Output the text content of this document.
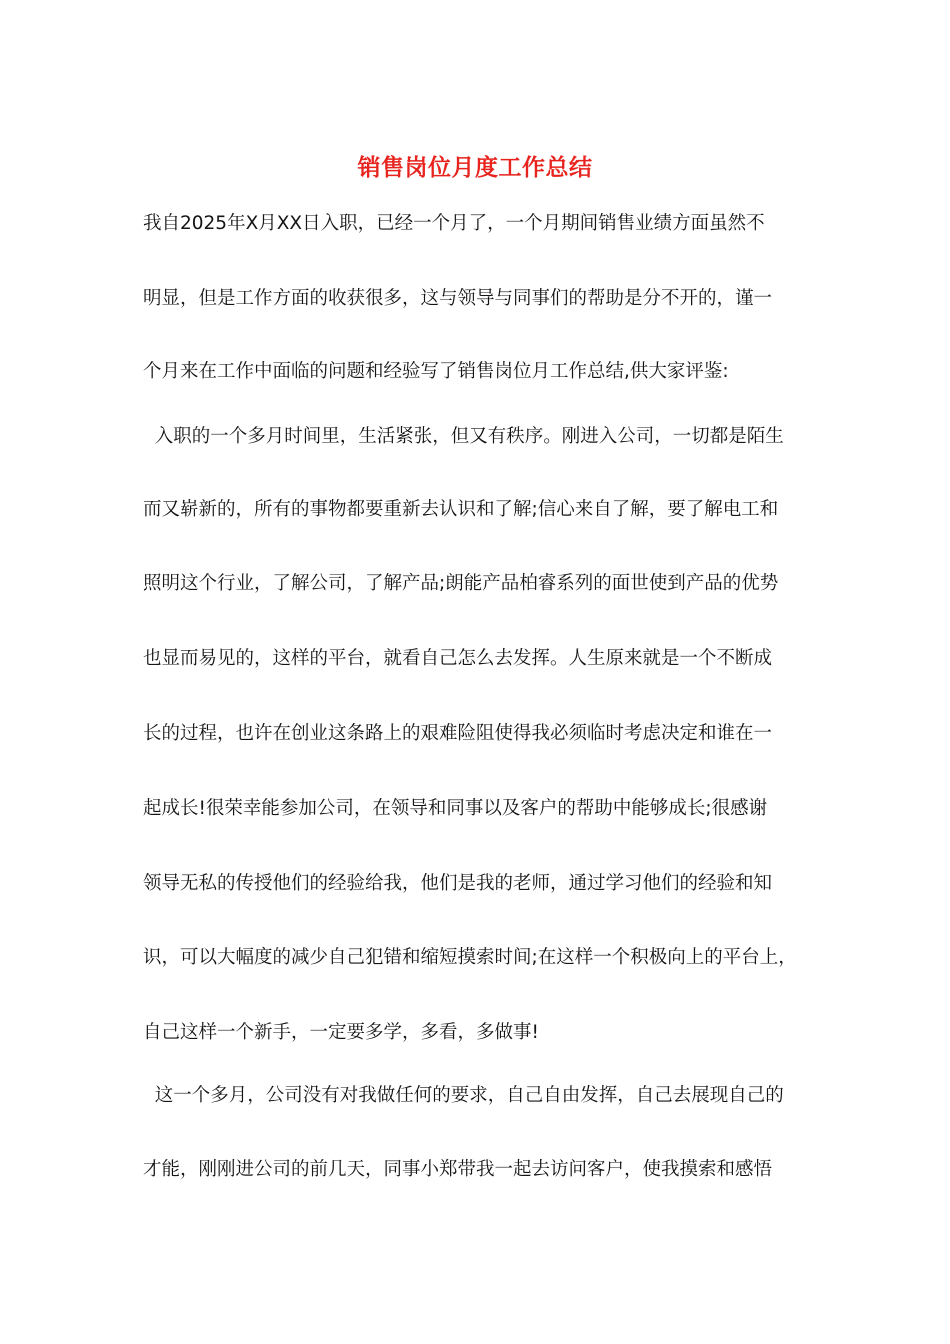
销售岗位月度工作总结
我自2025年X月XX日入职，已经一个月了，一个月期间销售业绩方面虽然不
明显，但是工作方面的收获很多，这与领导与同事们的帮助是分不开的，谨一
个月来在工作中面临的问题和经验写了销售岗位月工作总结,供大家评鉴:
入职的一个多月时间里，生活紧张，但又有秩序。刚进入公司，一切都是陌生
而又崭新的，所有的事物都要重新去认识和了解;信心来自了解，要了解电工和
照明这个行业，了解公司，了解产品;朗能产品柏睿系列的面世使到产品的优势
也显而易见的，这样的平台，就看自己怎么去发挥。人生原来就是一个不断成
长的过程，也许在创业这条路上的艰难险阻使得我必须临时考虑决定和谁在一
起成长!很荣幸能参加公司，在领导和同事以及客户的帮助中能够成长;很感谢
领导无私的传授他们的经验给我，他们是我的老师，通过学习他们的经验和知
识，可以大幅度的减少自己犯错和缩短摸索时间;在这样一个积极向上的平台上，
自己这样一个新手，一定要多学，多看，多做事!
这一个多月，公司没有对我做任何的要求，自己自由发挥，自己去展现自己的
才能，刚刚进公司的前几天，同事小郑带我一起去访问客户，使我摸索和感悟
